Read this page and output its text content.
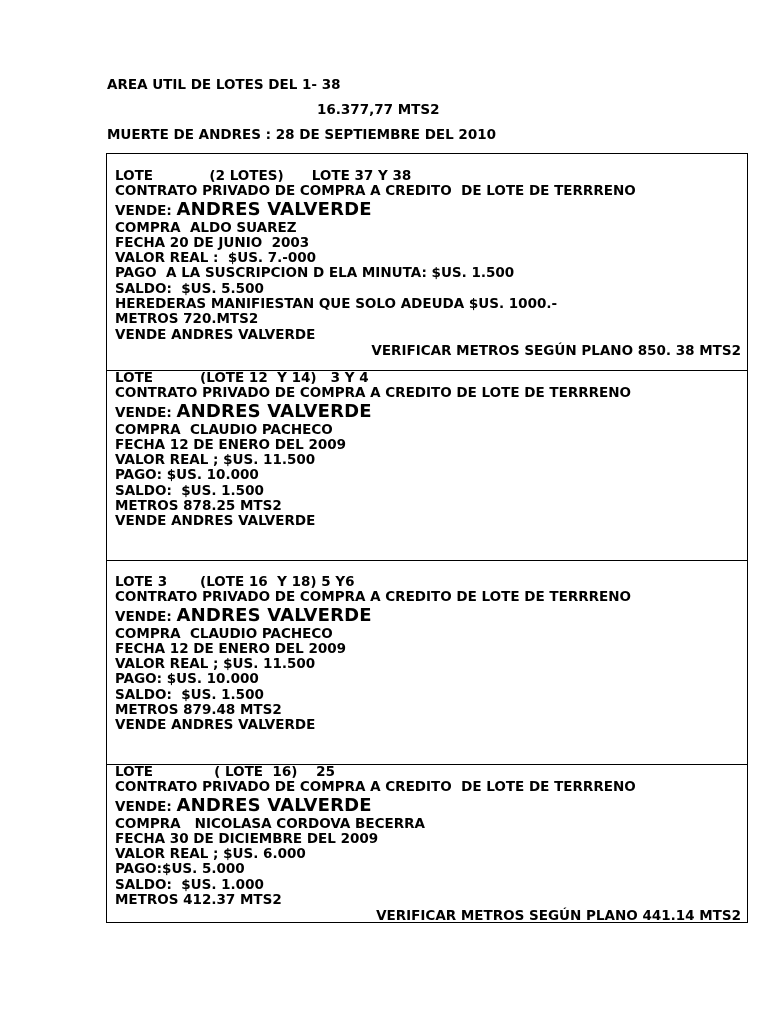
AREA UTIL DE LOTES DEL 1- 38
16.377,77 MTS2
MUERTE DE ANDRES : 28 DE SEPTIEMBRE DEL 2010
LOTE            (2 LOTES)      LOTE 37 Y 38
CONTRATO PRIVADO DE COMPRA A CREDITO  DE LOTE DE TERRRENO
VENDE: ANDRES VALVERDE
COMPRA  ALDO SUAREZ
FECHA 20 DE JUNIO  2003
VALOR REAL :  $US. 7.-000
PAGO  A LA SUSCRIPCION D ELA MINUTA: $US. 1.500
SALDO:  $US. 5.500
HEREDERAS MANIFIESTAN QUE SOLO ADEUDA $US. 1000.-
METROS 720.MTS2
VENDE ANDRES VALVERDE
VERIFICAR METROS SEGÚN PLANO 850. 38 MTS2
LOTE          (LOTE 12  Y 14)   3 Y 4
CONTRATO PRIVADO DE COMPRA A CREDITO DE LOTE DE TERRRENO
VENDE: ANDRES VALVERDE
COMPRA  CLAUDIO PACHECO
FECHA 12 DE ENERO DEL 2009
VALOR REAL ; $US. 11.500
PAGO: $US. 10.000
SALDO:  $US. 1.500
METROS 878.25 MTS2
VENDE ANDRES VALVERDE
LOTE 3       (LOTE 16  Y 18) 5 Y6
CONTRATO PRIVADO DE COMPRA A CREDITO DE LOTE DE TERRRENO
VENDE: ANDRES VALVERDE
COMPRA  CLAUDIO PACHECO
FECHA 12 DE ENERO DEL 2009
VALOR REAL ; $US. 11.500
PAGO: $US. 10.000
SALDO:  $US. 1.500
METROS 879.48 MTS2
VENDE ANDRES VALVERDE
LOTE             ( LOTE  16)    25
CONTRATO PRIVADO DE COMPRA A CREDITO  DE LOTE DE TERRRENO
VENDE: ANDRES VALVERDE
COMPRA   NICOLASA CORDOVA BECERRA
FECHA 30 DE DICIEMBRE DEL 2009
VALOR REAL ; $US. 6.000
PAGO:$US. 5.000
SALDO:  $US. 1.000
METROS 412.37 MTS2
VERIFICAR METROS SEGÚN PLANO 441.14 MTS2
